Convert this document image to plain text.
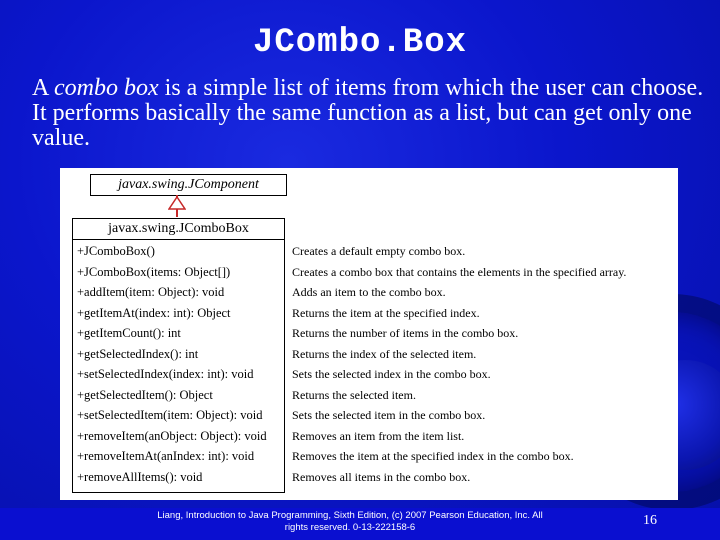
JCombo.Box

A combo box is a simple list of items from which the user can choose. It performs basically the same function as a list, but can get only one value.

javax.swing.JComponent
javax.swing.JComboBox
+JComboBox()
+JComboBox(items: Object[])
+addItem(item: Object): void
+getItemAt(index: int): Object
+getItemCount(): int
+getSelectedIndex(): int
+setSelectedIndex(index: int): void
+getSelectedItem(): Object
+setSelectedItem(item: Object): void
+removeItem(anObject: Object): void
+removeItemAt(anIndex: int): void
+removeAllItems(): void
Creates a default empty combo box.
Creates a combo box that contains the elements in the specified array.
Adds an item to the combo box.
Returns the item at the specified index.
Returns the number of items in the combo box.
Returns the index of the selected item.
Sets the selected index in the combo box.
Returns the selected item.
Sets the selected item in the combo box.
Removes an item from the item list.
Removes the item at the specified index in the combo box.
Removes all items in the combo box.
Liang, Introduction to Java Programming, Sixth Edition, (c) 2007 Pearson Education, Inc. All
rights reserved. 0-13-222158-6	16
